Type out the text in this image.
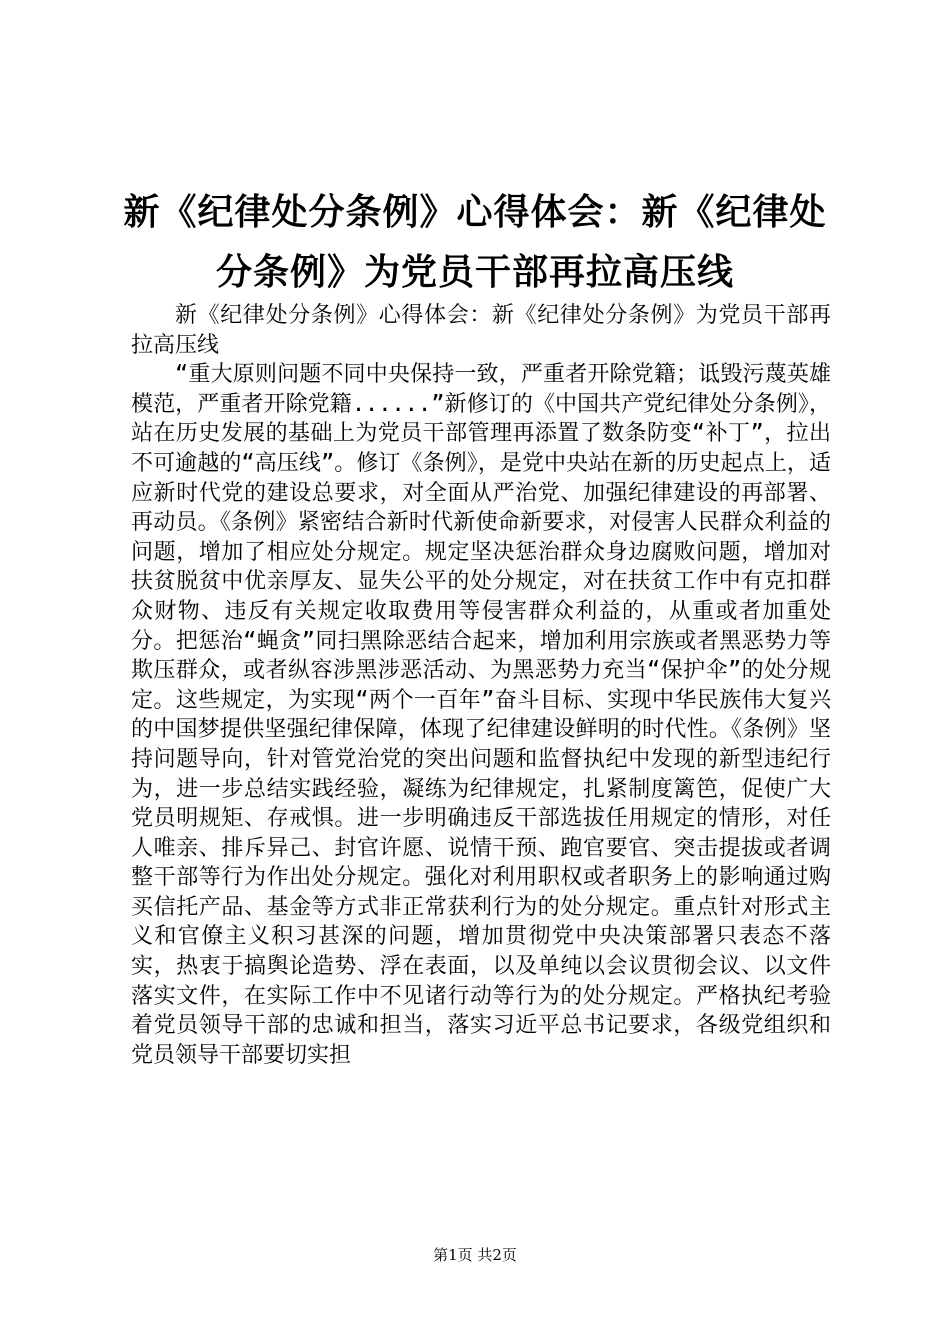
新《纪律处分条例》心得体会：新《纪律处分条例》为党员干部再拉高压线

新《纪律处分条例》心得体会：新《纪律处分条例》为党员干部再拉高压线

“重大原则问题不同中央保持一致，严重者开除党籍；诋毁污蔑英雄模范，严重者开除党籍......”新修订的《中国共产党纪律处分条例》，站在历史发展的基础上为党员干部管理再添置了数条防变“补丁”，拉出不可逾越的“高压线”。修订《条例》，是党中央站在新的历史起点上，适应新时代党的建设总要求，对全面从严治党、加强纪律建设的再部署、再动员。《条例》紧密结合新时代新使命新要求，对侵害人民群众利益的问题，增加了相应处分规定。规定坚决惩治群众身边腐败问题，增加对扶贫脱贫中优亲厚友、显失公平的处分规定，对在扶贫工作中有克扣群众财物、违反有关规定收取费用等侵害群众利益的，从重或者加重处分。把惩治“蝇贪”同扫黑除恶结合起来，增加利用宗族或者黑恶势力等欺压群众，或者纵容涉黑涉恶活动、为黑恶势力充当“保护伞”的处分规定。这些规定，为实现“两个一百年”奋斗目标、实现中华民族伟大复兴的中国梦提供坚强纪律保障，体现了纪律建设鲜明的时代性。《条例》坚持问题导向，针对管党治党的突出问题和监督执纪中发现的新型违纪行为，进一步总结实践经验，凝练为纪律规定，扎紧制度篱笆，促使广大党员明规矩、存戒惧。进一步明确违反干部选拔任用规定的情形，对任人唯亲、排斥异己、封官许愿、说情干预、跑官要官、突击提拔或者调整干部等行为作出处分规定。强化对利用职权或者职务上的影响通过购买信托产品、基金等方式非正常获利行为的处分规定。重点针对形式主义和官僚主义积习甚深的问题，增加贯彻党中央决策部署只表态不落实，热衷于搞舆论造势、浮在表面，以及单纯以会议贯彻会议、以文件落实文件，在实际工作中不见诸行动等行为的处分规定。严格执纪考验着党员领导干部的忠诚和担当，落实习近平总书记要求，各级党组织和党员领导干部要切实担

第1页 共2页
